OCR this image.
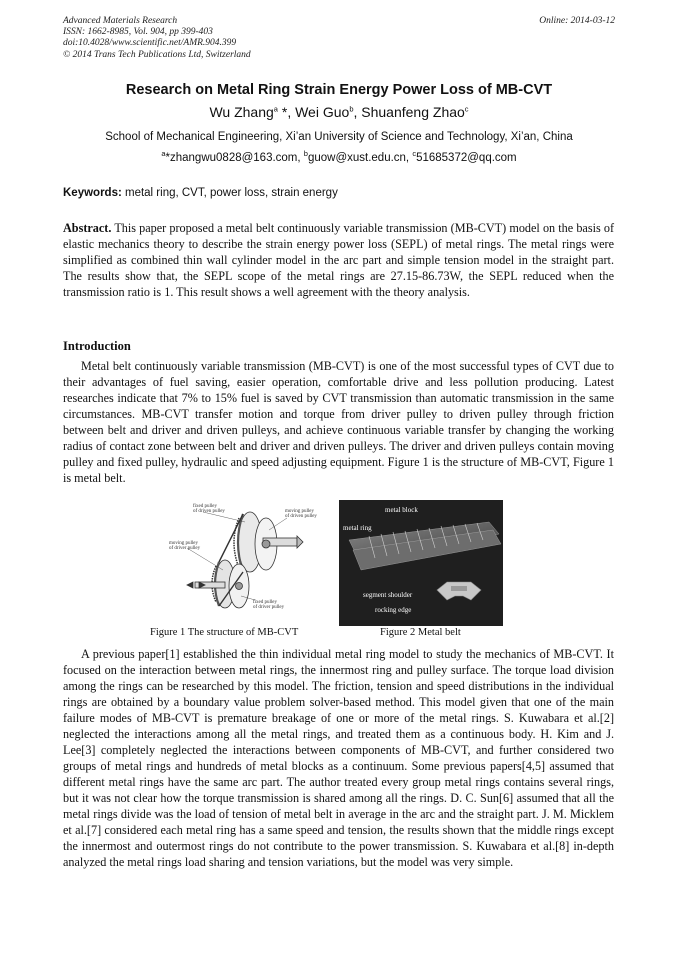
Advanced Materials Research
ISSN: 1662-8985, Vol. 904, pp 399-403
doi:10.4028/www.scientific.net/AMR.904.399
© 2014 Trans Tech Publications Ltd, Switzerland
Online: 2014-03-12
Research on Metal Ring Strain Energy Power Loss of MB-CVT
Wu Zhang$^a$ *, Wei Guo$^b$, Shuanfeng Zhao$^c$
School of Mechanical Engineering, Xi’an University of Science and Technology, Xi’an, China
$^a$*zhangwu0828@163.com, $^b$guow@xust.edu.cn, $^c$51685372@qq.com
Keywords: metal ring, CVT, power loss, strain energy

Abstract. This paper proposed a metal belt continuously variable transmission (MB-CVT) model on the basis of elastic mechanics theory to describe the strain energy power loss (SEPL) of metal rings. The metal rings were simplified as combined thin wall cylinder model in the arc part and simple tension model in the straight part. The results show that, the SEPL scope of the metal rings are 27.15-86.73W, the SEPL reduced when the transmission ratio is 1. This result shows a well agreement with the theory analysis.

Introduction

Metal belt continuously variable transmission (MB-CVT) is one of the most successful types of CVT due to their advantages of fuel saving, easier operation, comfortable drive and less pollution producing. Latest researches indicate that 7% to 15% fuel is saved by CVT transmission than automatic transmission in the same circumstances. MB-CVT transfer motion and torque from driver pulley to driven pulley through friction between belt and driver and driven pulleys, and achieve continuous variable transfer by changing the working radius of contact zone between belt and driver and driven pulleys. The driver and driven pulleys contain moving pulley and fixed pulley, hydraulic and speed adjusting equipment. Figure 1 is the structure of MB-CVT, Figure 1 is metal belt.

fixed pulley
of driven pulley	moving pulley
of driven pulley
moving pulley
of driver pulley
fixed pulley
of driver pulley
metal block
metal ring
segment shoulder
rocking edge
Figure 1 The structure of MB-CVT	Figure 2 Metal belt

A previous paper[1] established the thin individual metal ring model to study the mechanics of MB-CVT. It focused on the interaction between metal rings, the innermost ring and pulley surface. The torque load division among the rings can be researched by this model. The friction, tension and speed distributions in the individual rings are obtained by a boundary value problem solver-based method. This model given that one of the main failure modes of MB-CVT is premature breakage of one or more of the metal rings. S. Kuwabara et al.[2] neglected the interactions among all the metal rings, and treated them as a continuous body. H. Kim and J. Lee[3] completely neglected the interactions between components of MB-CVT, and further considered two groups of metal rings and hundreds of metal blocks as a continuum. Some previous papers[4,5] assumed that different metal rings have the same arc part. The author treated every group metal rings contains several rings, but it was not clear how the torque transmission is shared among all the rings. D. C. Sun[6] assumed that all the metal rings divide was the load of tension of metal belt in average in the arc and the straight part. J. M. Micklem et al.[7] considered each metal ring has a same speed and tension, the results shown that the middle rings except the innermost and outermost rings do not contribute to the power transmission. S. Kuwabara et al.[8] in-depth analyzed the metal rings load sharing and tension variations, but the model was very simple.
